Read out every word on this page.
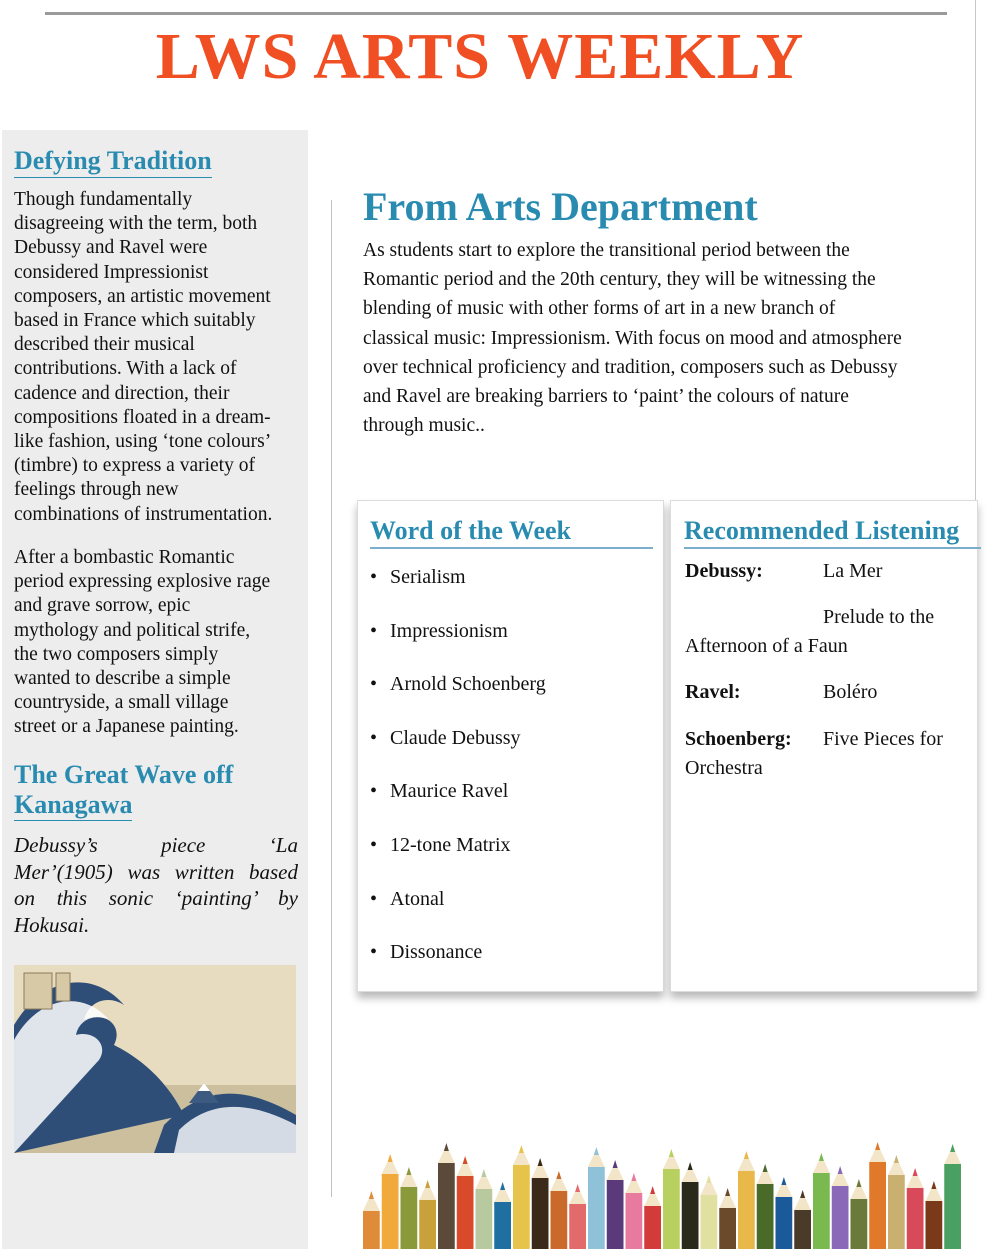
LWS ARTS WEEKLY
Defying Tradition
Though fundamentally
disagreeing with the term, both
Debussy and Ravel were
considered Impressionist
composers, an artistic movement
based in France which suitably
described their musical
contributions. With a lack of
cadence and direction, their
compositions floated in a dream-
like fashion, using ‘tone colours’
(timbre) to express a variety of
feelings through new
combinations of instrumentation.
After a bombastic Romantic
period expressing explosive rage
and grave sorrow, epic
mythology and political strife,
the two composers simply
wanted to describe a simple
countryside, a small village
street or a Japanese painting.
The Great Wave off
Kanagawa
Debussy’s piece ‘La
Mer’(1905) was written based
on this sonic ‘painting’ by
Hokusai.
From Arts Department
As students start to explore the transitional period between the
Romantic period and the 20th century, they will be witnessing the
blending of music with other forms of art in a new branch of
classical music: Impressionism. With focus on mood and atmosphere
over technical proficiency and tradition, composers such as Debussy
and Ravel are breaking barriers to ‘paint’ the colours of nature
through music..
Word of the Week
• Serialism
• Impressionism
• Arnold Schoenberg
• Claude Debussy
• Maurice Ravel
• 12-tone Matrix
• Atonal
• Dissonance
Recommended Listening
Debussy:	La Mer
Prelude to the
Afternoon of a Faun
Ravel:	Boléro
Schoenberg: Five Pieces for
Orchestra
